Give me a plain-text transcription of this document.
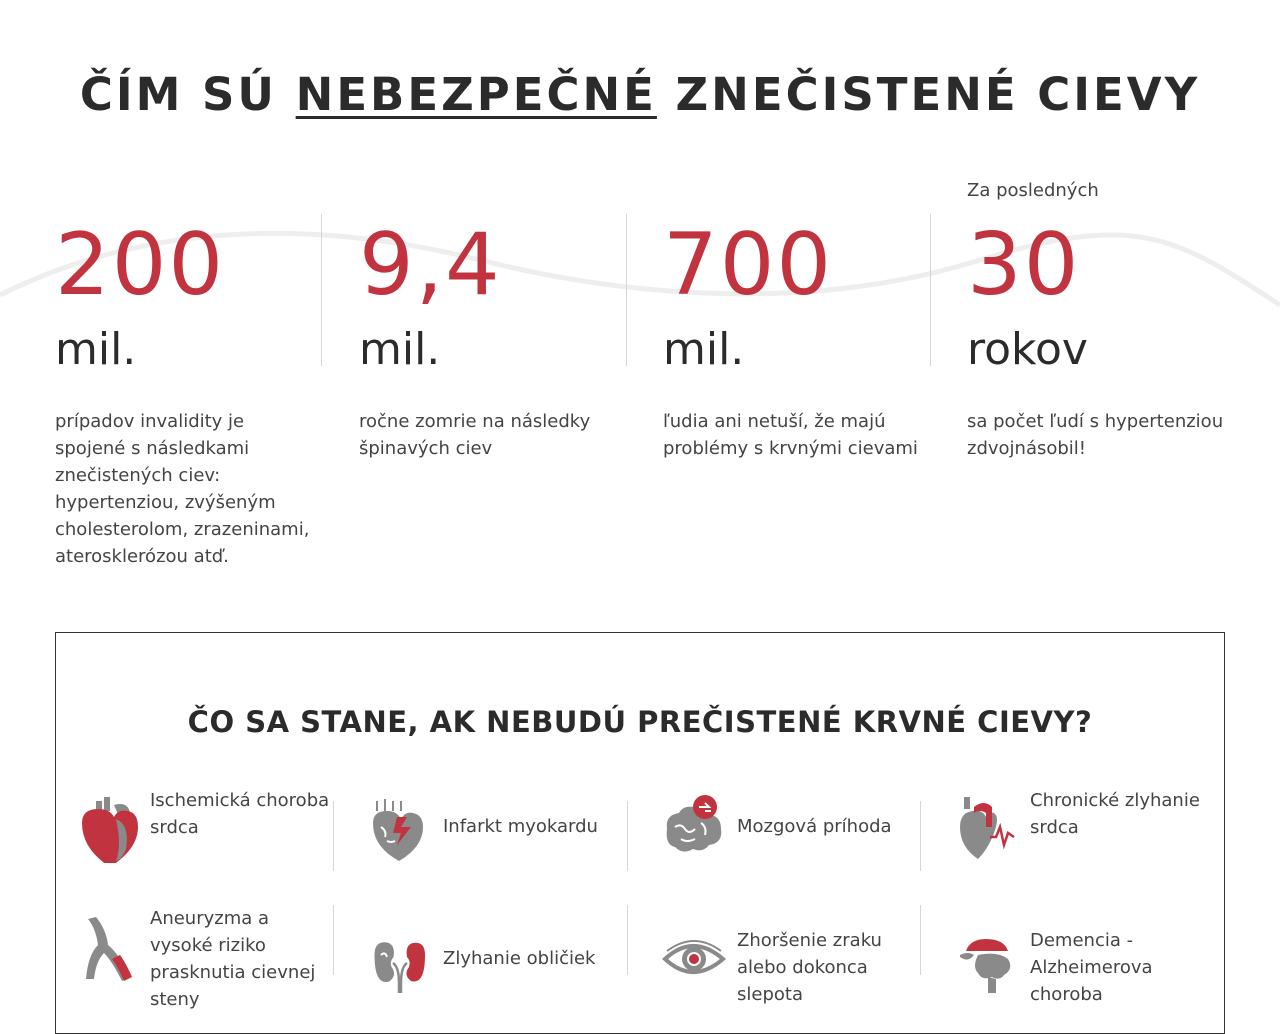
ČÍM SÚ NEBEZPEČNÉ ZNEČISTENÉ CIEVY
200
mil.
prípadov invalidity je spojené s následkami znečistených ciev: hypertenziou, zvýšeným cholesterolom, zrazeninami, aterosklerózou atď.
9,4
mil.
ročne zomrie na následky špinavých ciev
700
mil.
ľudia ani netuší, že majú problémy s krvnými cievami
Za posledných
30
rokov
sa počet ľudí s hypertenziou zdvojnásobil!
ČO SA STANE, AK NEBUDÚ PREČISTENÉ KRVNÉ CIEVY?
Ischemická choroba srdca	Infarkt myokardu	Mozgová príhoda
Chronické zlyhanie srdca
Aneuryzma a vysoké riziko prasknutia cievnej steny
Zlyhanie obličiek
Zhoršenie zraku alebo dokonca slepota
Demencia - Alzheimerova choroba
